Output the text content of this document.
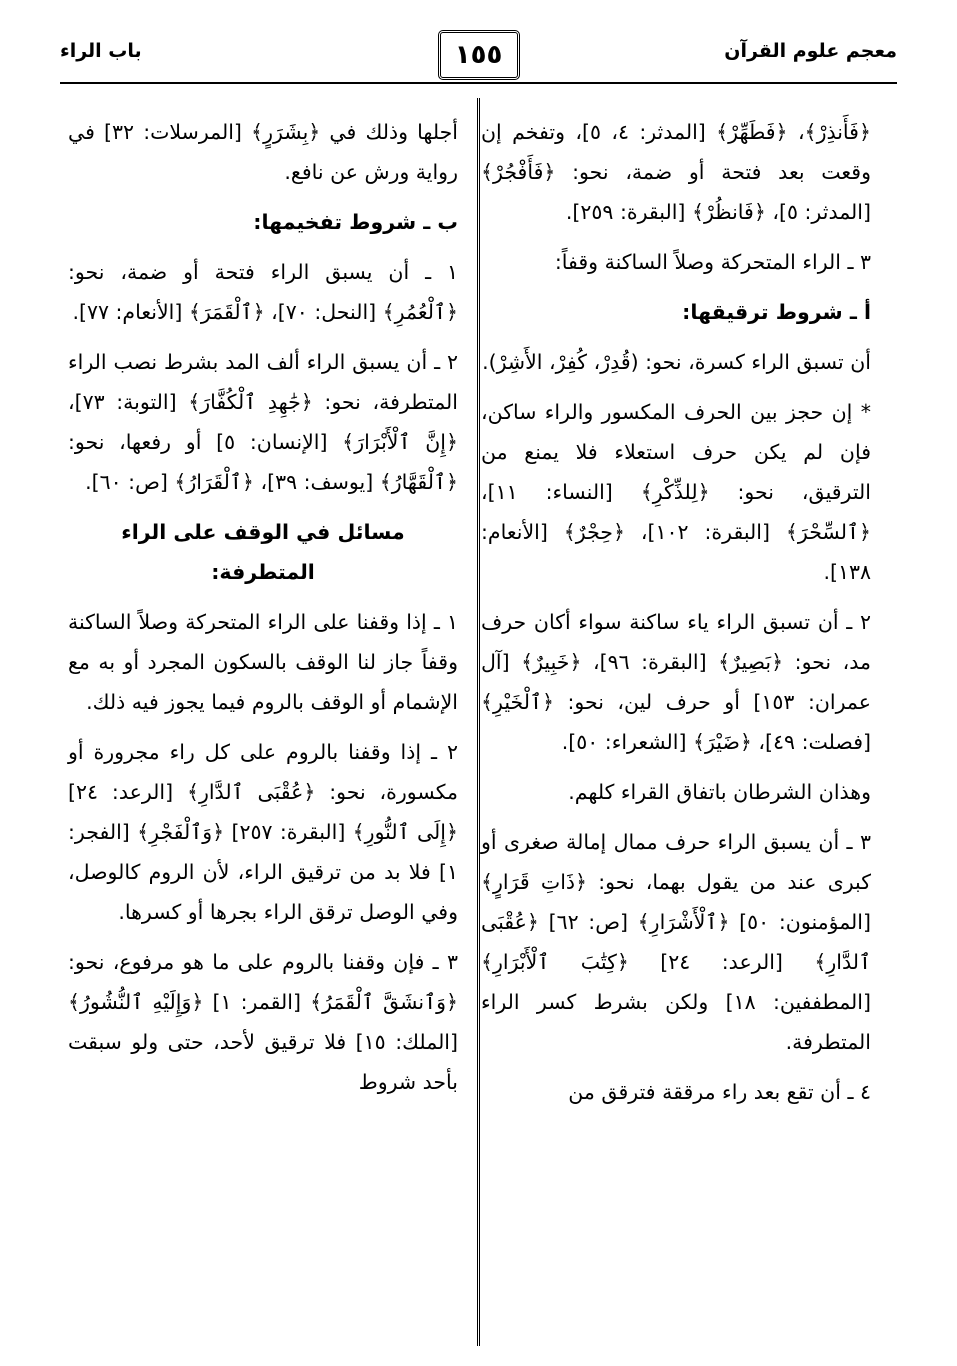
معجم علوم القرآن
١٥٥
باب الراء

﴿فَأَنذِرْ﴾، ﴿فَطَهِّرْ﴾ [المدثر: ٤، ٥]، وتفخم إن وقعت بعد فتحة أو ضمة، نحو: ﴿فَأَفْجُرْ﴾ [المدثر: ٥]، ﴿فَانظُرْ﴾ [البقرة: ٢٥٩].

٣ ـ الراء المتحركة وصلاً الساكنة وقفاً:

أ ـ شروط ترقيقها:

أن تسبق الراء كسرة، نحو: (قُدِرْ، كُفِرْ، الأَشِرْ).

* إن حجز بين الحرف المكسور والراء ساكن، فإن لم يكن حرف استعلاء فلا يمنع من الترقيق، نحو: ﴿لِلذِّكْرِ﴾ [النساء: ١١]، ﴿ٱلسِّحْرَ﴾ [البقرة: ١٠٢]، ﴿حِجْرٌ﴾ [الأنعام: ١٣٨].

٢ ـ أن تسبق الراء ياء ساكنة سواء أكان حرف مد، نحو: ﴿بَصِيرٌ﴾ [البقرة: ٩٦]، ﴿خَبِيرٌ﴾ [آل عمران: ١٥٣] أو حرف لين، نحو: ﴿ٱلْخَيْرِ﴾ [فصلت: ٤٩]، ﴿ضَيْرَ﴾ [الشعراء: ٥٠].

وهذان الشرطان باتفاق القراء كلهم.

٣ ـ أن يسبق الراء حرف ممال إمالة صغرى أو كبرى عند من يقول بهما، نحو: ﴿ذَاتِ قَرَارٍ﴾ [المؤمنون: ٥٠] ﴿ٱلْأَشْرَارِ﴾ [ص: ٦٢] ﴿عُقْبَى ٱلدَّارِ﴾ [الرعد: ٢٤] ﴿كِتَٰبَ ٱلْأَبْرَارِ﴾ [المطففين: ١٨] ولكن بشرط كسر الراء المتطرفة.

٤ ـ أن تقع بعد راء مرققة فترقق من

أجلها وذلك في ﴿بِشَرَرٍ﴾ [المرسلات: ٣٢] في رواية ورش عن نافع.

ب ـ شروط تفخيمها:

١ ـ أن يسبق الراء فتحة أو ضمة، نحو: ﴿ٱلْعُمُرِ﴾ [النحل: ٧٠]، ﴿ٱلْقَمَرَ﴾ [الأنعام: ٧٧].

٢ ـ أن يسبق الراء ألف المد بشرط نصب الراء المتطرفة، نحو: ﴿جَٰهِدِ ٱلْكُفَّارَ﴾ [التوبة: ٧٣]، ﴿إِنَّ ٱلْأَبْرَارَ﴾ [الإنسان: ٥] أو رفعها، نحو: ﴿ٱلْقَهَّارُ﴾ [يوسف: ٣٩]، ﴿ٱلْقَرَارُ﴾ [ص: ٦٠].

مسائل في الوقف على الراء المتطرفة:

١ ـ إذا وقفنا على الراء المتحركة وصلاً الساكنة وقفاً جاز لنا الوقف بالسكون المجرد أو به مع الإشمام أو الوقف بالروم فيما يجوز فيه ذلك.

٢ ـ إذا وقفنا بالروم على كل راء مجرورة أو مكسورة، نحو: ﴿عُقْبَى ٱلدَّارِ﴾ [الرعد: ٢٤] ﴿إِلَى ٱلنُّورِ﴾ [البقرة: ٢٥٧] ﴿وَٱلْفَجْرِ﴾ [الفجر: ١] فلا بد من ترقيق الراء، لأن الروم كالوصل، وفي الوصل ترقق الراء بجرها أو كسرها.

٣ ـ فإن وقفنا بالروم على ما هو مرفوع، نحو: ﴿وَٱنشَقَّ ٱلْقَمَرُ﴾ [القمر: ١] ﴿وَإِلَيْهِ ٱلنُّشُورُ﴾ [الملك: ١٥] فلا ترقيق لأحد، حتى ولو سبقت بأحد شروط
